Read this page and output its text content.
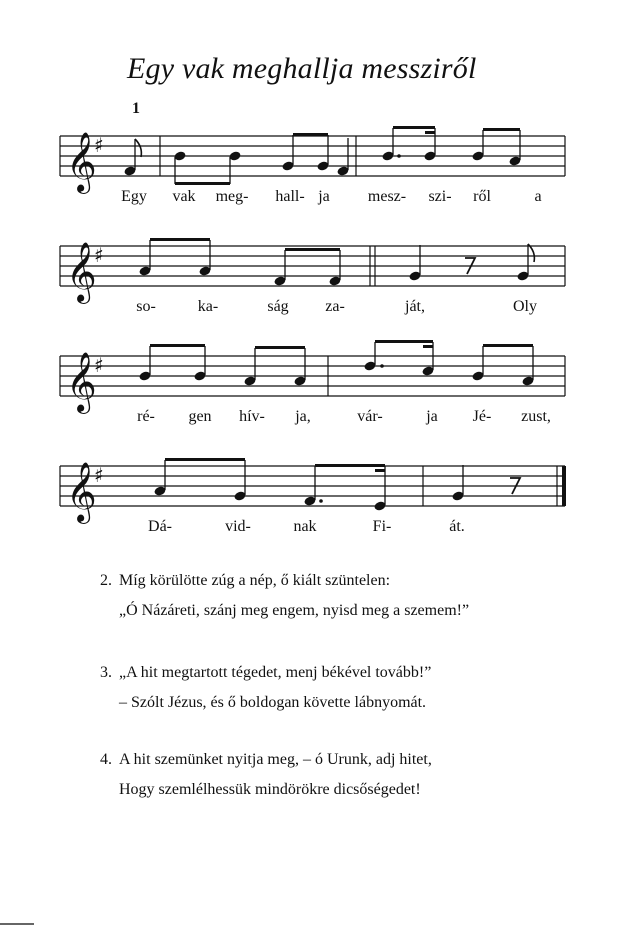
Egy vak meghallja messziről
1
𝄞
♯
Egy vak meg- hall- ja mesz- szi- ről	a
𝄞
♯
so-	ka-	ság za-	ját,	Oly
𝄞
♯
ré- gen hív- ja,	vár-	ja Jé- zust,
𝄞
♯
Dá-	vid-	nak	Fi-	át.
2. Míg körülötte zúg a nép, ő kiált szüntelen:
„Ó Názáreti, szánj meg engem, nyisd meg a szemem!”
3. „A hit megtartott tégedet, menj békével tovább!”
– Szólt Jézus, és ő boldogan követte lábnyomát.
4. A hit szemünket nyitja meg, – ó Urunk, adj hitet,
Hogy szemlélhessük mindörökre dicsőségedet!
